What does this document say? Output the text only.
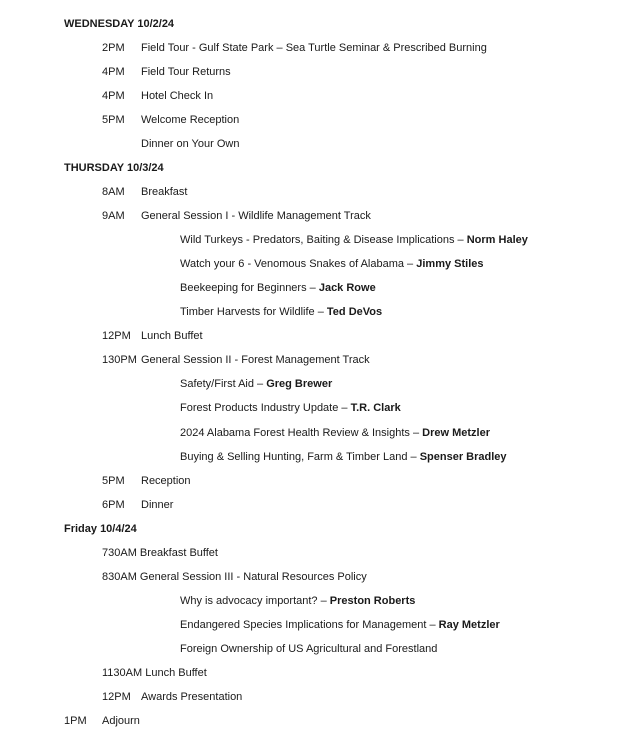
WEDNESDAY 10/2/24
2PM Field Tour - Gulf State Park – Sea Turtle Seminar & Prescribed Burning
4PM Field Tour Returns
4PM Hotel Check In
5PM Welcome Reception
Dinner on Your Own
THURSDAY 10/3/24
8AM Breakfast
9AM General Session I - Wildlife Management Track
Wild Turkeys - Predators, Baiting & Disease Implications – Norm Haley
Watch your 6 - Venomous Snakes of Alabama – Jimmy Stiles
Beekeeping for Beginners – Jack Rowe
Timber Harvests for Wildlife – Ted DeVos
12PM Lunch Buffet
130PM General Session II - Forest Management Track
Safety/First Aid – Greg Brewer
Forest Products Industry Update – T.R. Clark
2024 Alabama Forest Health Review & Insights – Drew Metzler
Buying & Selling Hunting, Farm & Timber Land – Spenser Bradley
5PM Reception
6PM Dinner
Friday 10/4/24
730AM Breakfast Buffet
830AM General Session III - Natural Resources Policy
Why is advocacy important? – Preston Roberts
Endangered Species Implications for Management – Ray Metzler
Foreign Ownership of US Agricultural and Forestland
1130AM Lunch Buffet
12PM Awards Presentation
1PM Adjourn
